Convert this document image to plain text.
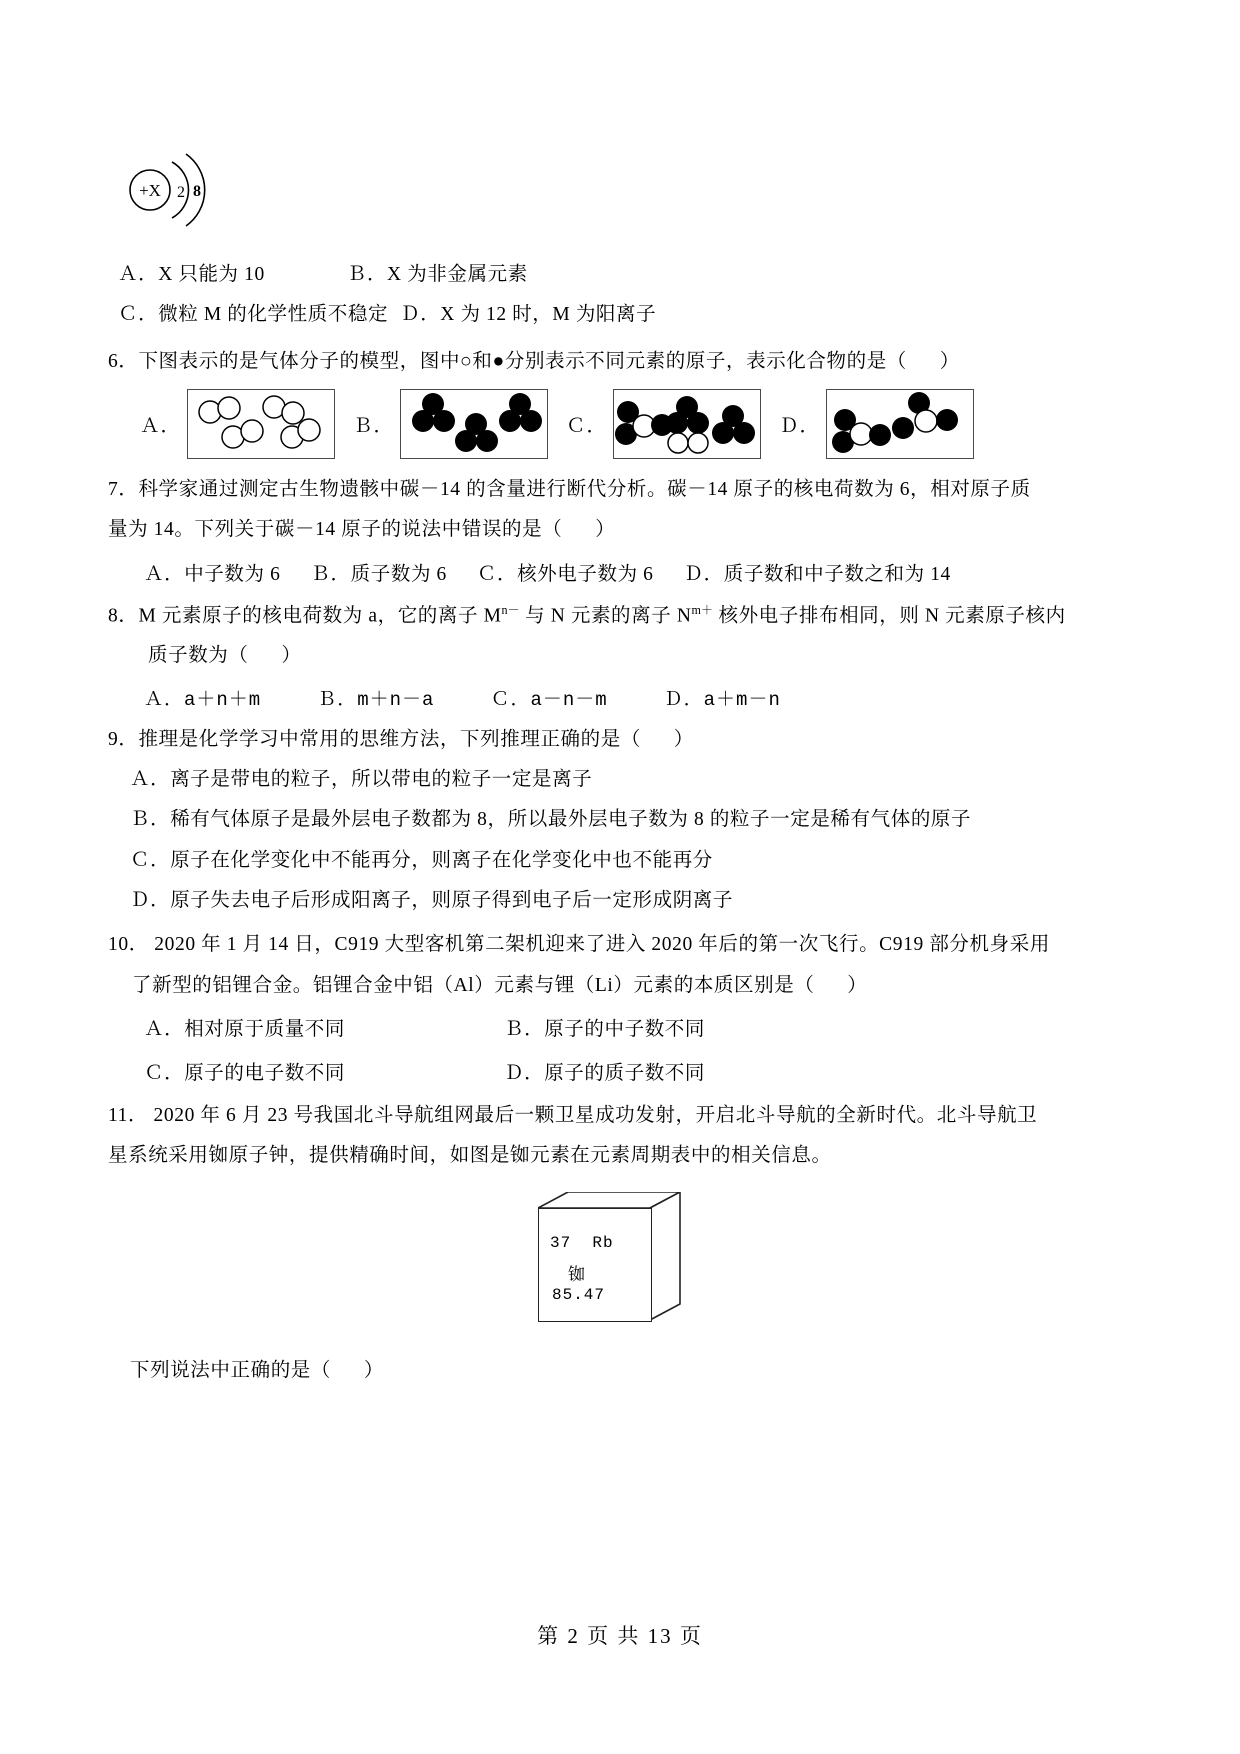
+X 2 8
Ａ．X 只能为 10	Ｂ．X 为非金属元素
Ｃ．微粒 M 的化学性质不稳定 Ｄ．X 为 12 时，M 为阳离子
6．下图表示的是气体分子的模型，图中○和●分别表示不同元素的原子，表示化合物的是（      ）
Ａ．	Ｂ．	Ｃ．	Ｄ．
7．科学家通过测定古生物遗骸中碳－14 的含量进行断代分析。碳－14 原子的核电荷数为 6，相对原子质
量为 14。下列关于碳－14 原子的说法中错误的是（      ）
Ａ．中子数为 6 Ｂ．质子数为 6 Ｃ．核外电子数为 6 Ｄ．质子数和中子数之和为 14
8．M 元素原子的核电荷数为 a，它的离子 $M^{n-}$ 与 N 元素的离子 $N^{m+}$ 核外电子排布相同，则 N 元素原子核内
质子数为（      ）
Ａ．a＋n＋m	Ｂ．m＋n－a	Ｃ．a－n－m	Ｄ．a＋m－n
9．推理是化学学习中常用的思维方法，下列推理正确的是（      ）
Ａ．离子是带电的粒子，所以带电的粒子一定是离子
Ｂ．稀有气体原子是最外层电子数都为 8，所以最外层电子数为 8 的粒子一定是稀有气体的原子
Ｃ．原子在化学变化中不能再分，则离子在化学变化中也不能再分
Ｄ．原子失去电子后形成阳离子，则原子得到电子后一定形成阴离子
10． 2020 年 1 月 14 日，C919 大型客机第二架机迎来了进入 2020 年后的第一次飞行。C919 部分机身采用
了新型的铝锂合金。铝锂合金中铝（Al）元素与锂（Li）元素的本质区别是（      ）
Ａ．相对原于质量不同	Ｂ．原子的中子数不同
Ｃ．原子的电子数不同	Ｄ．原子的质子数不同
11． 2020 年 6 月 23 号我国北斗导航组网最后一颗卫星成功发射，开启北斗导航的全新时代。北斗导航卫
星系统采用铷原子钟，提供精确时间，如图是铷元素在元素周期表中的相关信息。
37  Rb
铷
85.47
下列说法中正确的是（      ）
第 2 页 共 13 页
